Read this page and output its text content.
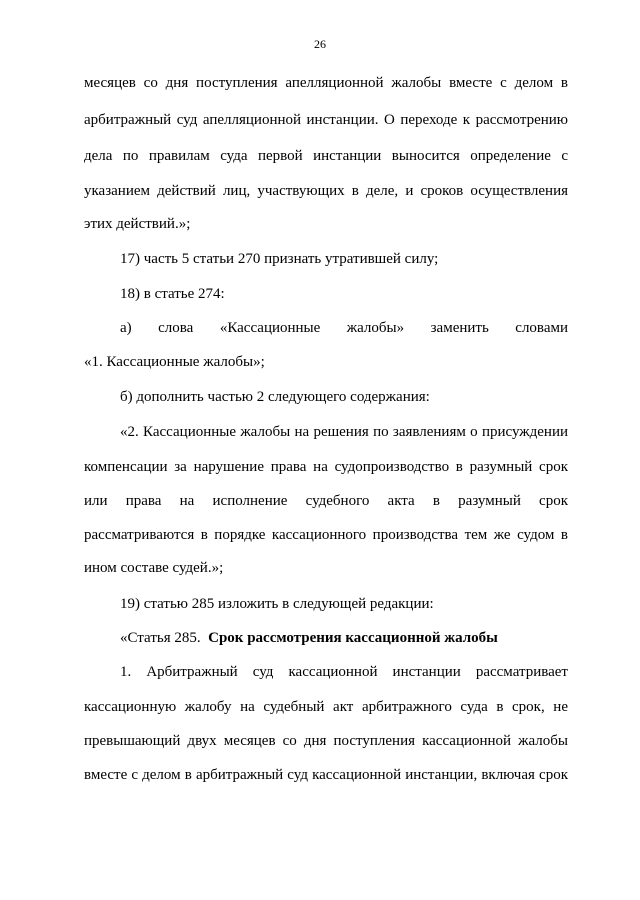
26
месяцев со дня поступления апелляционной жалобы вместе с делом в
арбитражный суд апелляционной инстанции. О переходе к рассмотрению
дела по правилам суда первой инстанции выносится определение с
указанием действий лиц, участвующих в деле, и сроков осуществления
этих действий.»;
17) часть 5 статьи 270 признать утратившей силу;
18) в статье 274:
а) слова «Кассационные жалобы» заменить словами
«1. Кассационные жалобы»;
б) дополнить частью 2 следующего содержания:
«2. Кассационные жалобы на решения по заявлениям о присуждении
компенсации за нарушение права на судопроизводство в разумный срок
или права на исполнение судебного акта в разумный срок
рассматриваются в порядке кассационного производства тем же судом в
ином составе судей.»;
19) статью 285 изложить в следующей редакции:
«Статья 285. Срок рассмотрения кассационной жалобы
1. Арбитражный суд кассационной инстанции рассматривает
кассационную жалобу на судебный акт арбитражного суда в срок, не
превышающий двух месяцев со дня поступления кассационной жалобы
вместе с делом в арбитражный суд кассационной инстанции, включая срок
